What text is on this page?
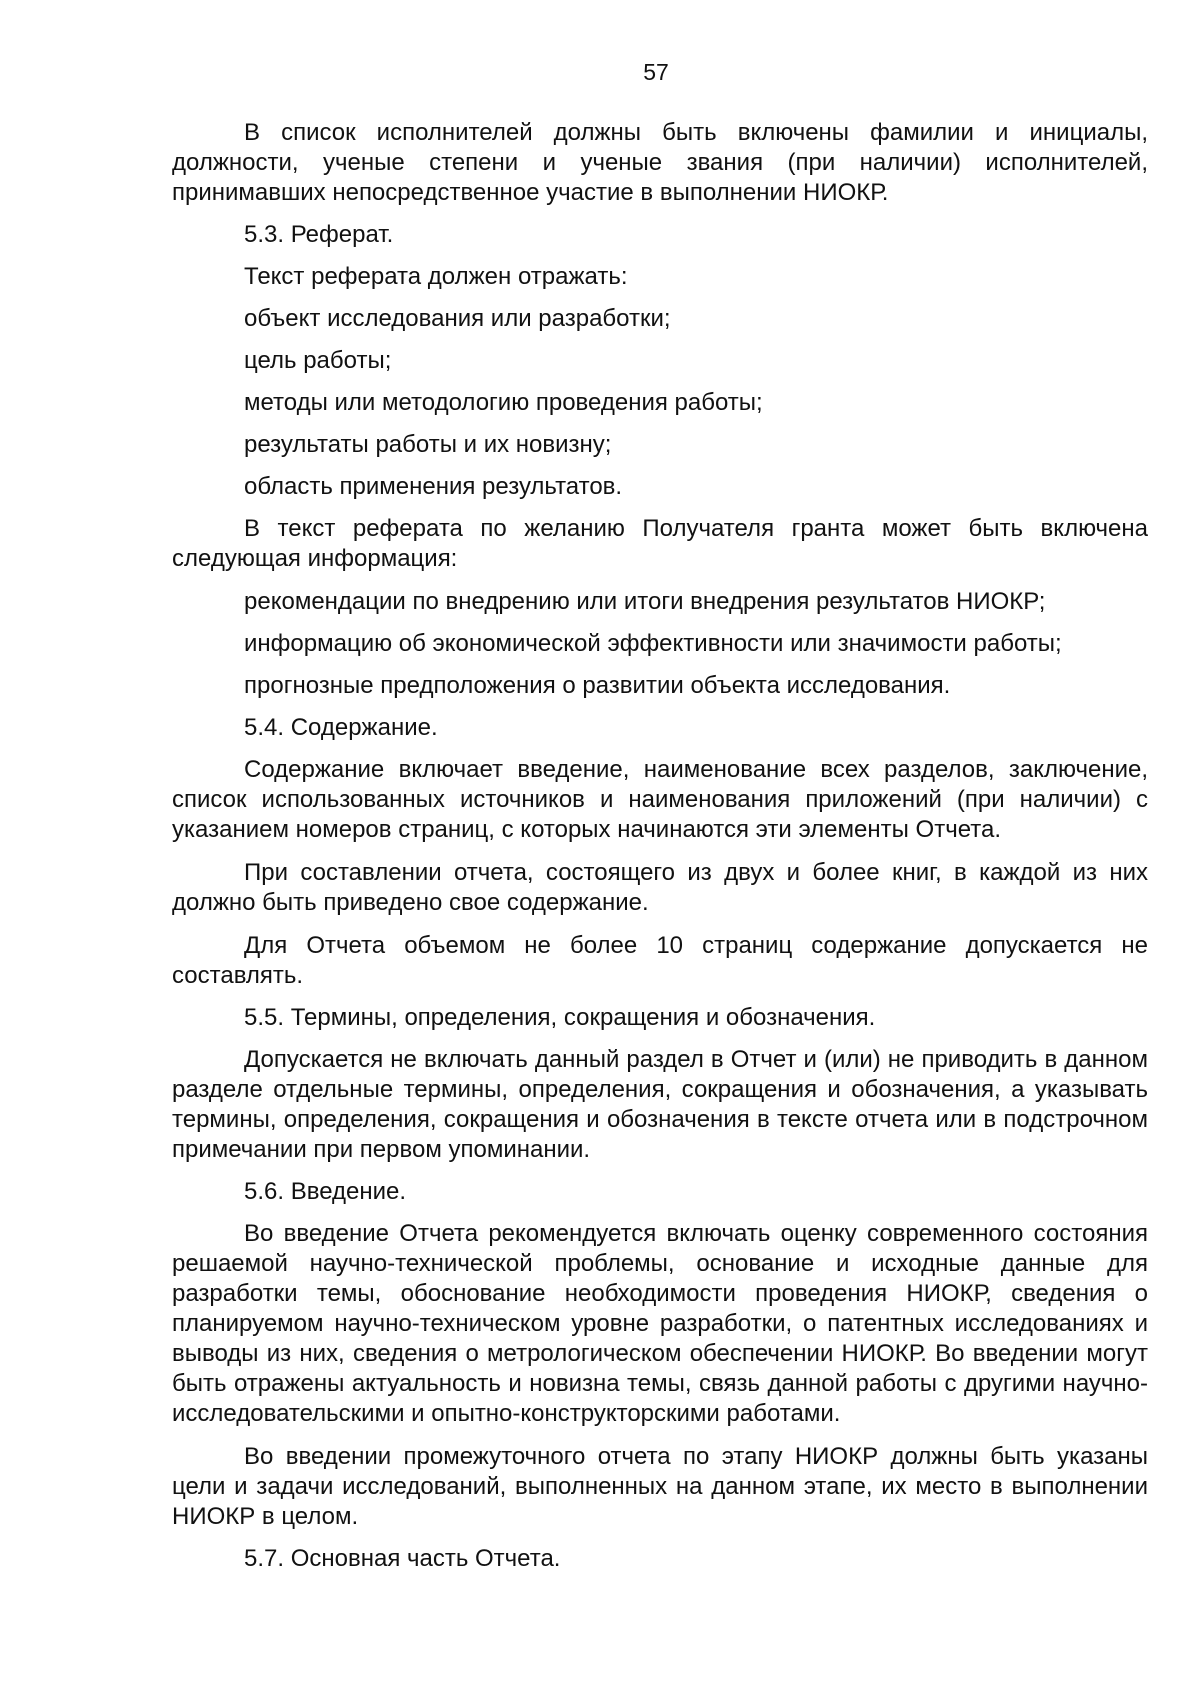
57

В список исполнителей должны быть включены фамилии и инициалы, должности, ученые степени и ученые звания (при наличии) исполнителей, принимавших непосредственное участие в выполнении НИОКР.

5.3. Реферат.

Текст реферата должен отражать:

объект исследования или разработки;

цель работы;

методы или методологию проведения работы;

результаты работы и их новизну;

область применения результатов.

В текст реферата по желанию Получателя гранта может быть включена следующая информация:

рекомендации по внедрению или итоги внедрения результатов НИОКР;

информацию об экономической эффективности или значимости работы;

прогнозные предположения о развитии объекта исследования.

5.4. Содержание.

Содержание включает введение, наименование всех разделов, заключение, список использованных источников и наименования приложений (при наличии) с указанием номеров страниц, с которых начинаются эти элементы Отчета.

При составлении отчета, состоящего из двух и более книг, в каждой из них должно быть приведено свое содержание.

Для Отчета объемом не более 10 страниц содержание допускается не составлять.

5.5. Термины, определения, сокращения и обозначения.

Допускается не включать данный раздел в Отчет и (или) не приводить в данном разделе отдельные термины, определения, сокращения и обозначения, а указывать термины, определения, сокращения и обозначения в тексте отчета или в подстрочном примечании при первом упоминании.

5.6. Введение.

Во введение Отчета рекомендуется включать оценку современного состояния решаемой научно-технической проблемы, основание и исходные данные для разработки темы, обоснование необходимости проведения НИОКР, сведения о планируемом научно-техническом уровне разработки, о патентных исследованиях и выводы из них, сведения о метрологическом обеспечении НИОКР. Во введении могут быть отражены актуальность и новизна темы, связь данной работы с другими научно-исследовательскими и опытно-конструкторскими работами.

Во введении промежуточного отчета по этапу НИОКР должны быть указаны цели и задачи исследований, выполненных на данном этапе, их место в выполнении НИОКР в целом.

5.7. Основная часть Отчета.
